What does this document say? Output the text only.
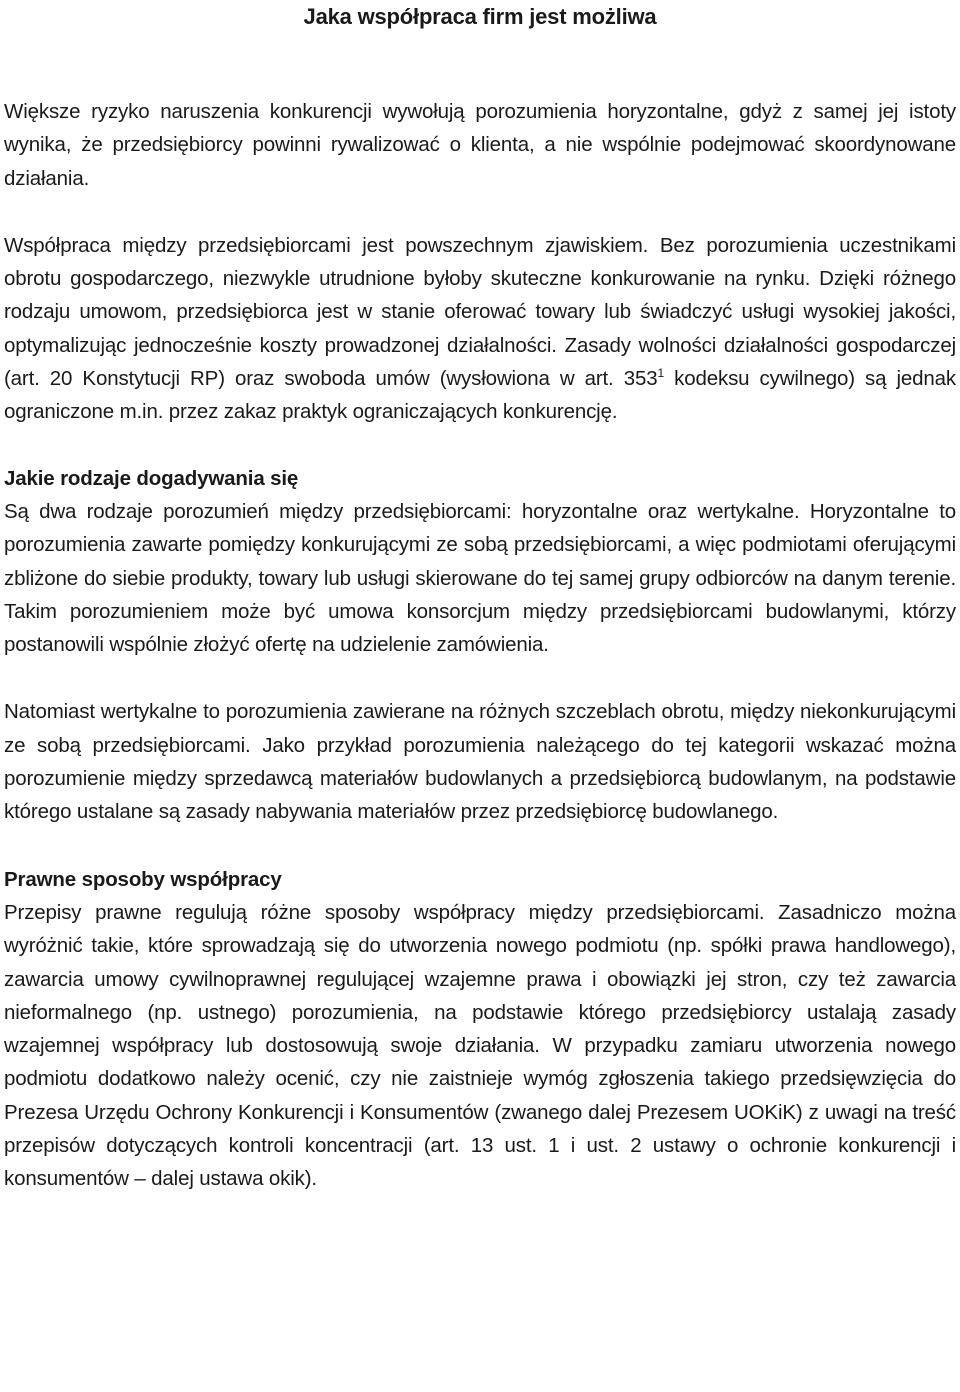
Jaka współpraca firm jest możliwa

Większe ryzyko naruszenia konkurencji wywołują porozumienia horyzontalne, gdyż z samej jej istoty wynika, że przedsiębiorcy powinni rywalizować o klienta, a nie wspólnie podejmować skoordynowane działania.

Współpraca między przedsiębiorcami jest powszechnym zjawiskiem. Bez porozumienia uczestnikami obrotu gospodarczego, niezwykle utrudnione byłoby skuteczne konkurowanie na rynku. Dzięki różnego rodzaju umowom, przedsiębiorca jest w stanie oferować towary lub świadczyć usługi wysokiej jakości, optymalizując jednocześnie koszty prowadzonej działalności. Zasady wolności działalności gospodarczej (art. 20 Konstytucji RP) oraz swoboda umów (wysłowiona w art. $353^1$ kodeksu cywilnego) są jednak ograniczone m.in. przez zakaz praktyk ograniczających konkurencję.

Jakie rodzaje dogadywania się

Są dwa rodzaje porozumień między przedsiębiorcami: horyzontalne oraz wertykalne. Horyzontalne to porozumienia zawarte pomiędzy konkurującymi ze sobą przedsiębiorcami, a więc podmiotami oferującymi zbliżone do siebie produkty, towary lub usługi skierowane do tej samej grupy odbiorców na danym terenie. Takim porozumieniem może być umowa konsorcjum między przedsiębiorcami budowlanymi, którzy postanowili wspólnie złożyć ofertę na udzielenie zamówienia.

Natomiast wertykalne to porozumienia zawierane na różnych szczeblach obrotu, między niekonkurującymi ze sobą przedsiębiorcami. Jako przykład porozumienia należącego do tej kategorii wskazać można porozumienie między sprzedawcą materiałów budowlanych a przedsiębiorcą budowlanym, na podstawie którego ustalane są zasady nabywania materiałów przez przedsiębiorcę budowlanego.

Prawne sposoby współpracy

Przepisy prawne regulują różne sposoby współpracy między przedsiębiorcami. Zasadniczo można wyróżnić takie, które sprowadzają się do utworzenia nowego podmiotu (np. spółki prawa handlowego), zawarcia umowy cywilnoprawnej regulującej wzajemne prawa i obowiązki jej stron, czy też zawarcia nieformalnego (np. ustnego) porozumienia, na podstawie którego przedsiębiorcy ustalają zasady wzajemnej współpracy lub dostosowują swoje działania. W przypadku zamiaru utworzenia nowego podmiotu dodatkowo należy ocenić, czy nie zaistnieje wymóg zgłoszenia takiego przedsięwzięcia do Prezesa Urzędu Ochrony Konkurencji i Konsumentów (zwanego dalej Prezesem UOKiK) z uwagi na treść przepisów dotyczących kontroli koncentracji (art. 13 ust. 1 i ust. 2 ustawy o ochronie konkurencji i konsumentów – dalej ustawa okik).
